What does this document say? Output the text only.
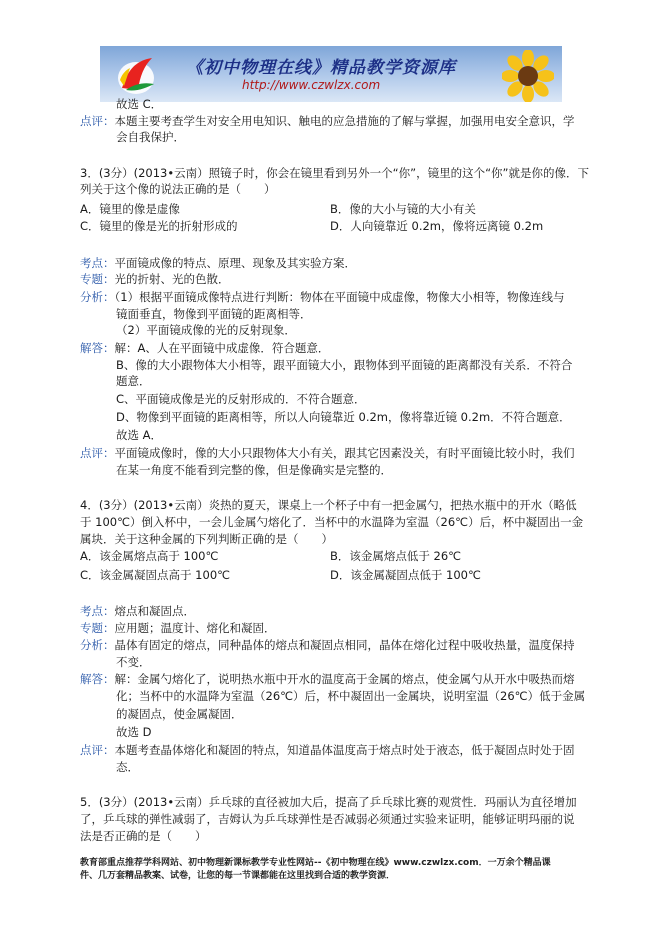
《初中物理在线》精品教学资源库
http://www.czwlzx.com
故选 C．
点评：本题主要考查学生对安全用电知识、触电的应急措施的了解与掌握，加强用电安全意识，学
会自我保护．
3．(3分）(2013•云南）照镜子时，你会在镜里看到另外一个“你”，镜里的这个“你”就是你的像．下
列关于这个像的说法正确的是（　　）
A．镜里的像是虚像	B．像的大小与镜的大小有关
C．镜里的像是光的折射形成的	D．人向镜靠近 0.2m，像将远离镜 0.2m
考点：平面镜成像的特点、原理、现象及其实验方案．
专题：光的折射、光的色散．
分析：（1）根据平面镜成像特点进行判断：物体在平面镜中成虚像，物像大小相等，物像连线与
镜面垂直，物像到平面镜的距离相等．
（2）平面镜成像的光的反射现象．
解答：解：A、人在平面镜中成虚像．符合题意．
B、像的大小跟物体大小相等，跟平面镜大小，跟物体到平面镜的距离都没有关系．不符合
题意．
C、平面镜成像是光的反射形成的．不符合题意．
D、物像到平面镜的距离相等，所以人向镜靠近 0.2m，像将靠近镜 0.2m．不符合题意．
故选 A．
点评：平面镜成像时，像的大小只跟物体大小有关，跟其它因素没关，有时平面镜比较小时，我们
在某一角度不能看到完整的像，但是像确实是完整的．
4．(3分）(2013•云南）炎热的夏天，课桌上一个杯子中有一把金属勺，把热水瓶中的开水（略低
于 100℃）倒入杯中，一会儿金属勺熔化了．当杯中的水温降为室温（26℃）后，杯中凝固出一金
属块．关于这种金属的下列判断正确的是（　　）
A．该金属熔点高于 100℃	B．该金属熔点低于 26℃
C．该金属凝固点高于 100℃	D．该金属凝固点低于 100℃
考点：熔点和凝固点．
专题：应用题；温度计、熔化和凝固．
分析：晶体有固定的熔点，同种晶体的熔点和凝固点相同，晶体在熔化过程中吸收热量，温度保持
不变．
解答：解：金属勺熔化了，说明热水瓶中开水的温度高于金属的熔点，使金属勺从开水中吸热而熔
化；当杯中的水温降为室温（26℃）后，杯中凝固出一金属块，说明室温（26℃）低于金属
的凝固点，使金属凝固．
故选 D
点评：本题考查晶体熔化和凝固的特点，知道晶体温度高于熔点时处于液态，低于凝固点时处于固
态．
5．(3分）(2013•云南）乒乓球的直径被加大后，提高了乒乓球比赛的观赏性．玛丽认为直径增加
了，乒乓球的弹性减弱了，吉姆认为乒乓球弹性是否减弱必须通过实验来证明，能够证明玛丽的说
法是否正确的是（　　）
教育部重点推荐学科网站、初中物理新课标教学专业性网站--《初中物理在线》www.czwlzx.com．一万余个精品课
件、几万套精品教案、试卷，让您的每一节课都能在这里找到合适的教学资源．
